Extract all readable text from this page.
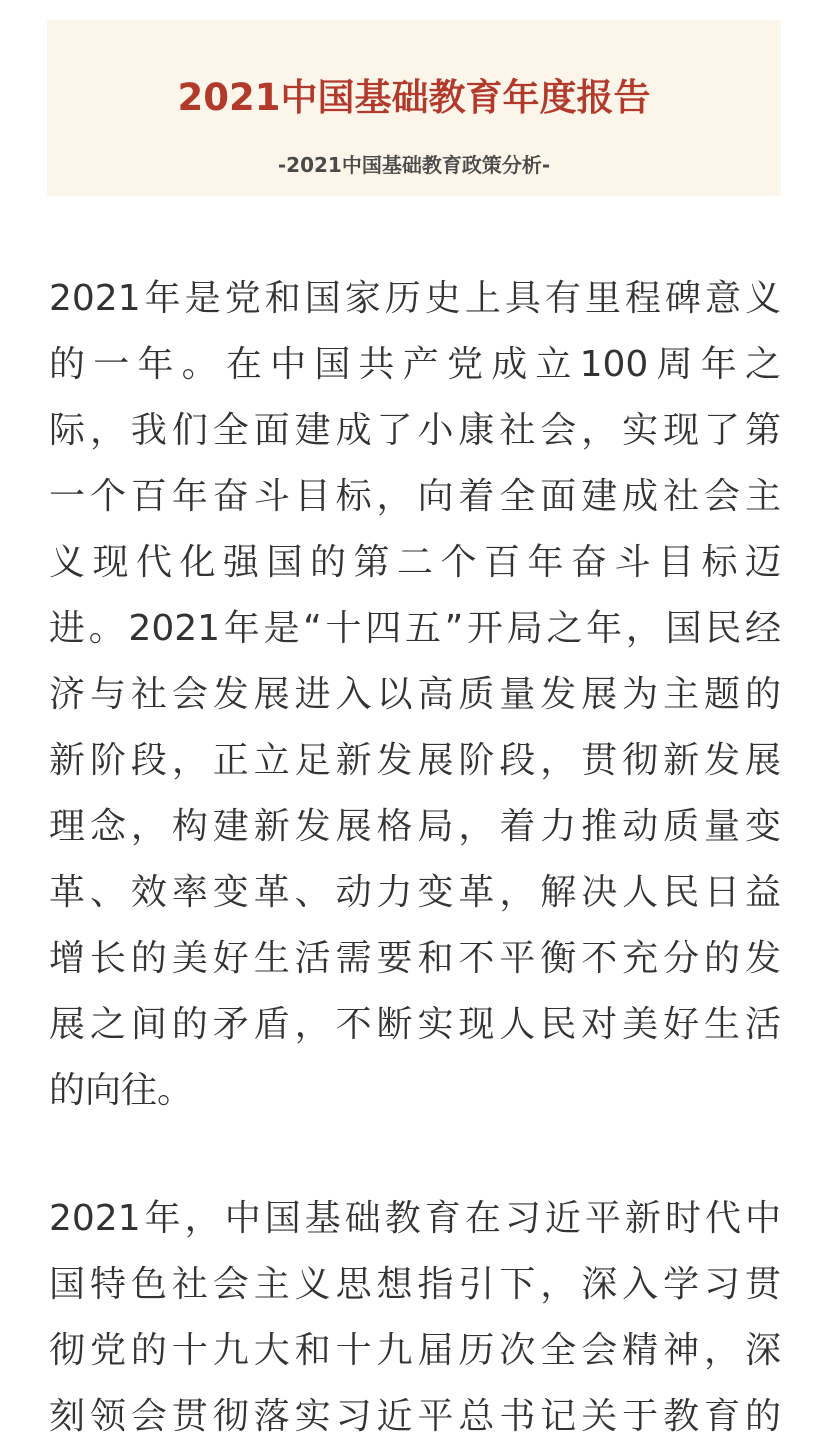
2021中国基础教育年度报告
-2021中国基础教育政策分析-
2021年是党和国家历史上具有里程碑意义
的一年。在中国共产党成立100周年之
际，我们全面建成了小康社会，实现了第
一个百年奋斗目标，向着全面建成社会主
义现代化强国的第二个百年奋斗目标迈
进。2021年是“十四五”开局之年，国民经
济与社会发展进入以高质量发展为主题的
新阶段，正立足新发展阶段，贯彻新发展
理念，构建新发展格局，着力推动质量变
革、效率变革、动力变革，解决人民日益
增长的美好生活需要和不平衡不充分的发
展之间的矛盾，不断实现人民对美好生活
的向往。
2021年，中国基础教育在习近平新时代中
国特色社会主义思想指引下，深入学习贯
彻党的十九大和十九届历次全会精神，深
刻领会贯彻落实习近平总书记关于教育的
